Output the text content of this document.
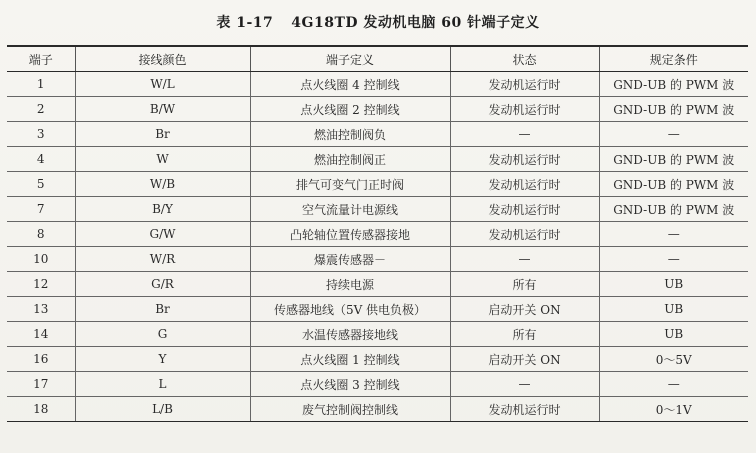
表 1-17 4G18TD 发动机电脑 60 针端子定义
端子	接线颜色	端子定义	状态	规定条件
1	W/L	点火线圈 4 控制线	发动机运行时	GND-UB 的 PWM 波
2	B/W	点火线圈 2 控制线	发动机运行时	GND-UB 的 PWM 波
3	Br	燃油控制阀负	—	—
4	W	燃油控制阀正	发动机运行时	GND-UB 的 PWM 波
5	W/B	排气可变气门正时阀	发动机运行时	GND-UB 的 PWM 波
7	B/Y	空气流量计电源线	发动机运行时	GND-UB 的 PWM 波
8	G/W	凸轮轴位置传感器接地	发动机运行时	—
10	W/R	爆震传感器－	—	—
12	G/R	持续电源	所有	UB
13	Br	传感器地线（5V 供电负极）	启动开关 ON	UB
14	G	水温传感器接地线	所有	UB
16	Y	点火线圈 1 控制线	启动开关 ON	0～5V
17	L	点火线圈 3 控制线	—	—
18	L/B	废气控制阀控制线	发动机运行时	0～1V
